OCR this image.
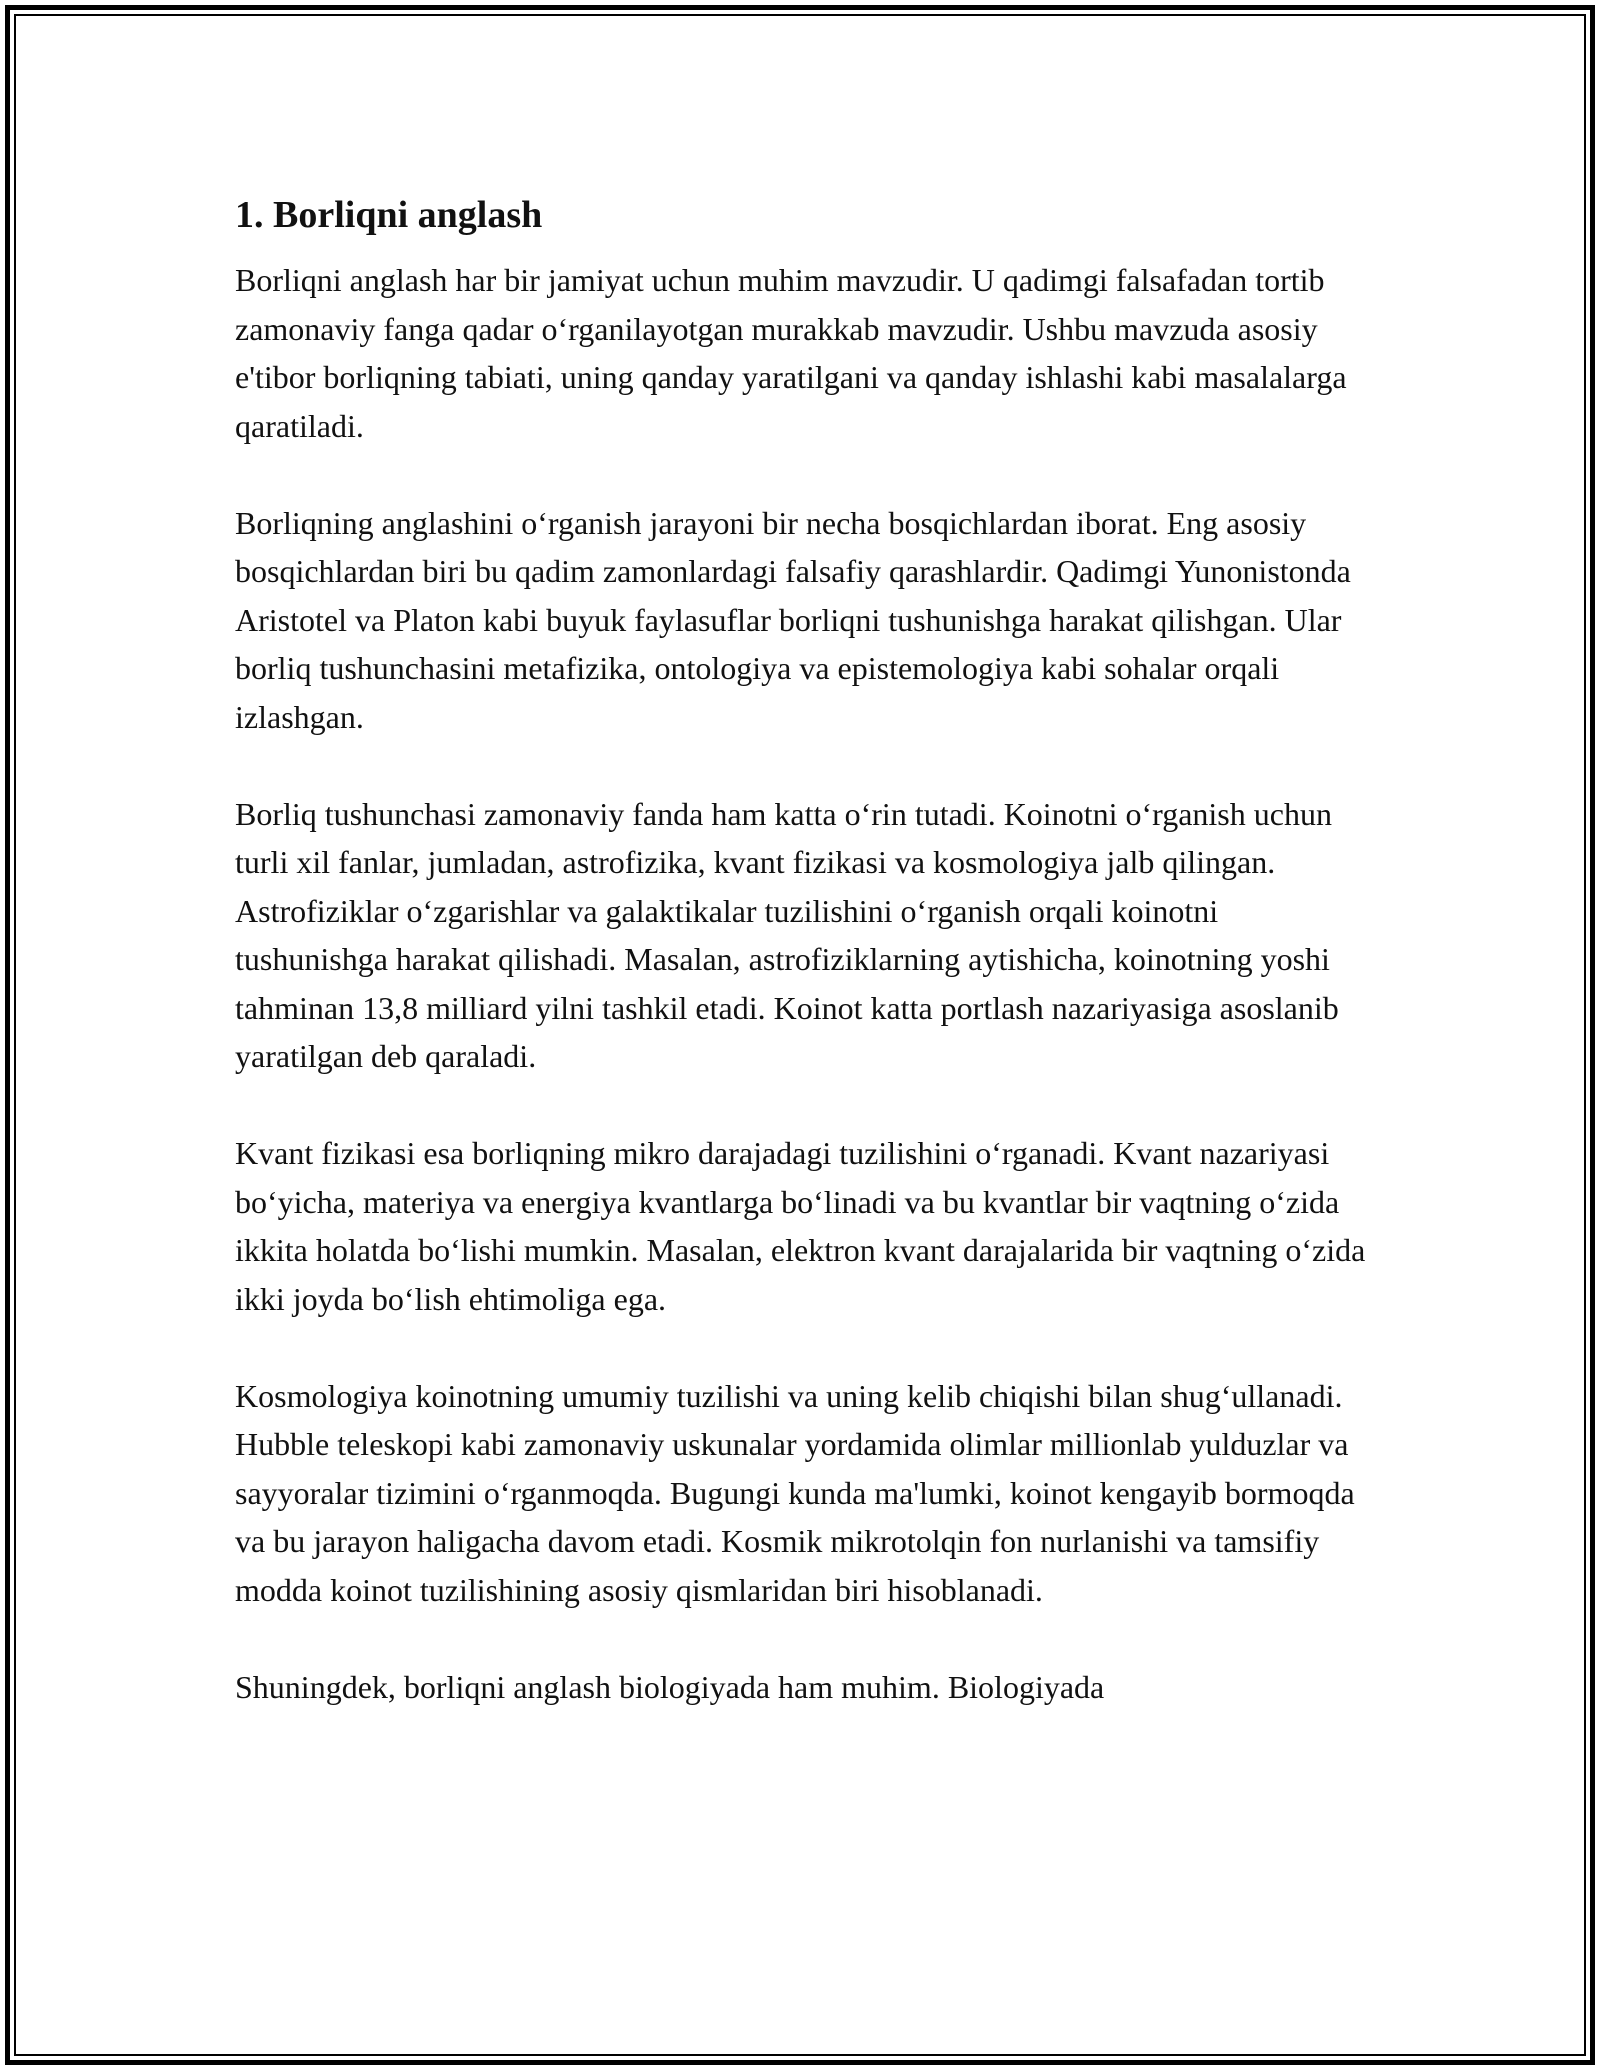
1. Borliqni anglash

Borliqni anglash har bir jamiyat uchun muhim mavzudir. U qadimgi falsafadan tortib zamonaviy fanga qadar o‘rganilayotgan murakkab mavzudir. Ushbu mavzuda asosiy e'tibor borliqning tabiati, uning qanday yaratilgani va qanday ishlashi kabi masalalarga qaratiladi.

Borliqning anglashini o‘rganish jarayoni bir necha bosqichlardan iborat. Eng asosiy bosqichlardan biri bu qadim zamonlardagi falsafiy qarashlardir. Qadimgi Yunonistonda Aristotel va Platon kabi buyuk faylasuflar borliqni tushunishga harakat qilishgan. Ular borliq tushunchasini metafizika, ontologiya va epistemologiya kabi sohalar orqali izlashgan.

Borliq tushunchasi zamonaviy fanda ham katta o‘rin tutadi. Koinotni o‘rganish uchun turli xil fanlar, jumladan, astrofizika, kvant fizikasi va kosmologiya jalb qilingan. Astrofiziklar o‘zgarishlar va galaktikalar tuzilishini o‘rganish orqali koinotni tushunishga harakat qilishadi. Masalan, astrofiziklarning aytishicha, koinotning yoshi tahminan 13,8 milliard yilni tashkil etadi. Koinot katta portlash nazariyasiga asoslanib yaratilgan deb qaraladi.

Kvant fizikasi esa borliqning mikro darajadagi tuzilishini o‘rganadi. Kvant nazariyasi bo‘yicha, materiya va energiya kvantlarga bo‘linadi va bu kvantlar bir vaqtning o‘zida ikkita holatda bo‘lishi mumkin. Masalan, elektron kvant darajalarida bir vaqtning o‘zida ikki joyda bo‘lish ehtimoliga ega.

Kosmologiya koinotning umumiy tuzilishi va uning kelib chiqishi bilan shug‘ullanadi. Hubble teleskopi kabi zamonaviy uskunalar yordamida olimlar millionlab yulduzlar va sayyoralar tizimini o‘rganmoqda. Bugungi kunda ma'lumki, koinot kengayib bormoqda va bu jarayon haligacha davom etadi. Kosmik mikrotolqin fon nurlanishi va tamsifiy modda koinot tuzilishining asosiy qismlaridan biri hisoblanadi.

Shuningdek, borliqni anglash biologiyada ham muhim. Biologiyada
